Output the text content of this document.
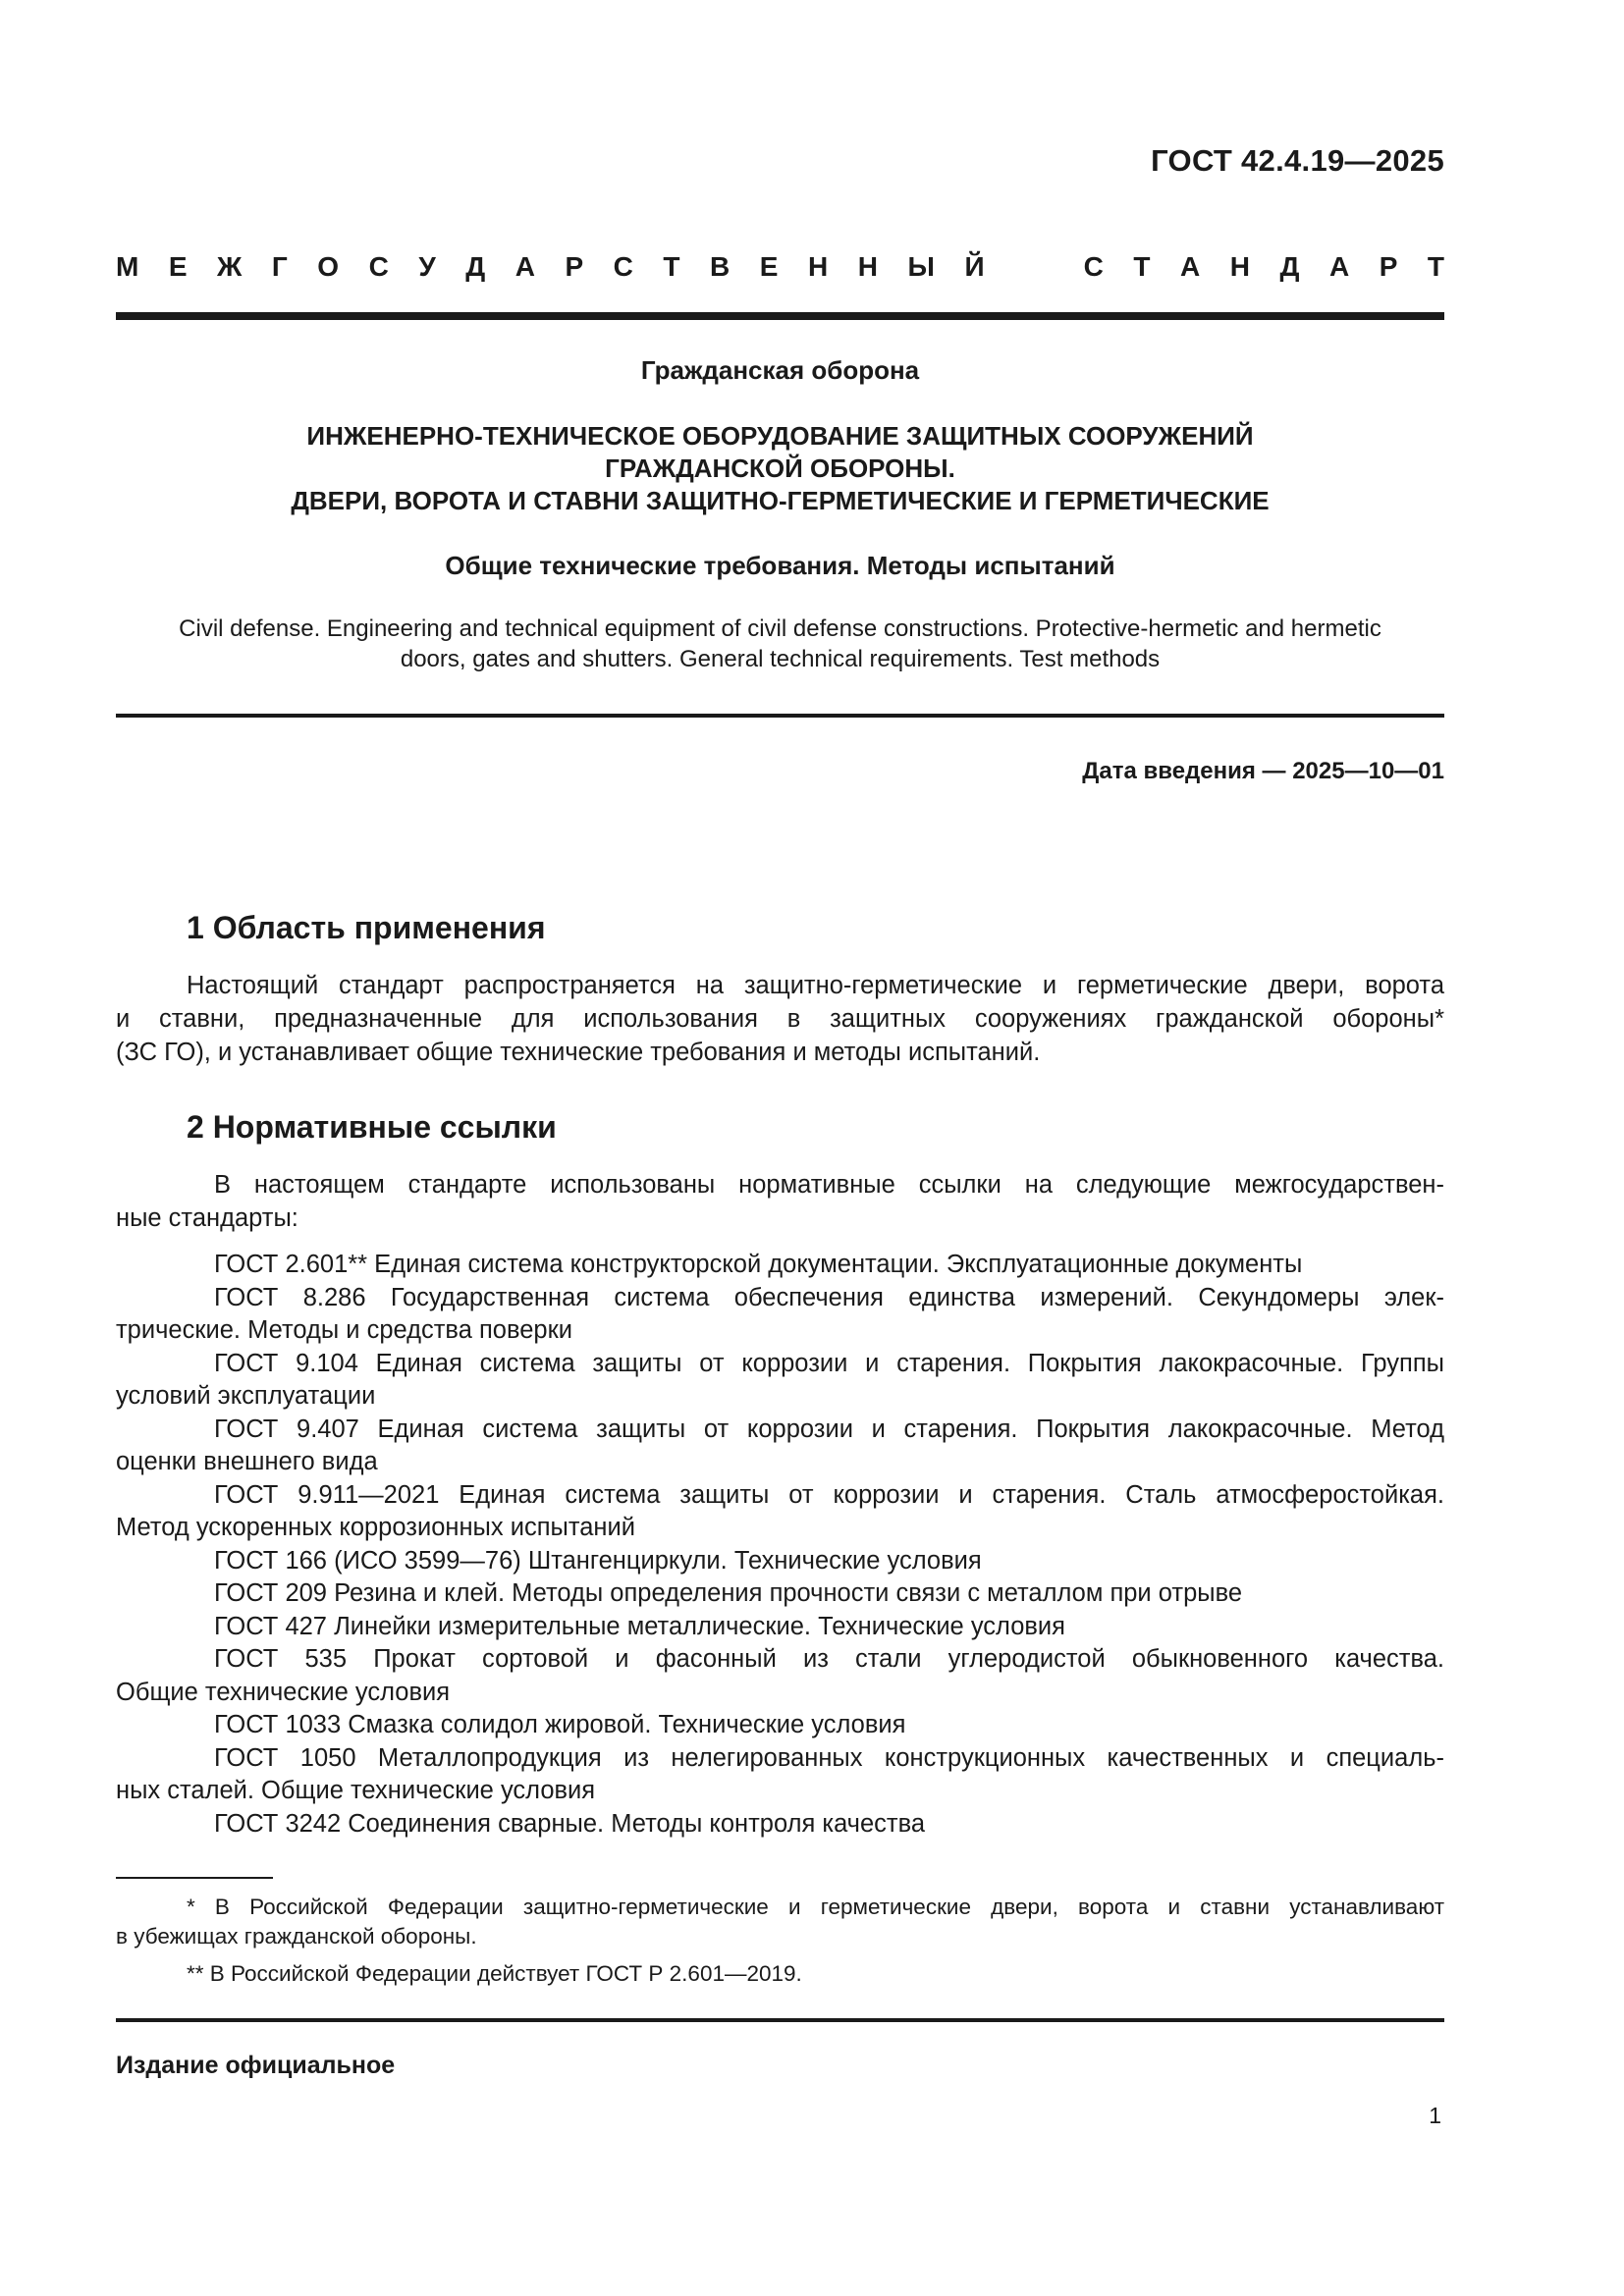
ГОСТ 42.4.19—2025
М Е Ж Г О С У Д А Р С Т В Е Н Н Ы Й	С Т А Н Д А Р Т
Гражданская оборона
ИНЖЕНЕРНО-ТЕХНИЧЕСКОЕ ОБОРУДОВАНИЕ ЗАЩИТНЫХ СООРУЖЕНИЙ
ГРАЖДАНСКОЙ ОБОРОНЫ.
ДВЕРИ, ВОРОТА И СТАВНИ ЗАЩИТНО-ГЕРМЕТИЧЕСКИЕ И ГЕРМЕТИЧЕСКИЕ
Общие технические требования. Методы испытаний
Civil defense. Engineering and technical equipment of civil defense constructions. Protective-hermetic and hermetic
doors, gates and shutters. General technical requirements. Test methods
Дата введения — 2025—10—01
1 Область применения
Настоящий стандарт распространяется на защитно-герметические и герметические двери, ворота
и ставни, предназначенные для использования в защитных сооружениях гражданской обороны*
(ЗС ГО), и устанавливает общие технические требования и методы испытаний.
2 Нормативные ссылки
В настоящем стандарте использованы нормативные ссылки на следующие межгосударствен-
ные стандарты:
ГОСТ 2.601** Единая система конструкторской документации. Эксплуатационные документы
ГОСТ 8.286 Государственная система обеспечения единства измерений. Секундомеры элек-
трические. Методы и средства поверки
ГОСТ 9.104 Единая система защиты от коррозии и старения. Покрытия лакокрасочные. Группы
условий эксплуатации
ГОСТ 9.407 Единая система защиты от коррозии и старения. Покрытия лакокрасочные. Метод
оценки внешнего вида
ГОСТ 9.911—2021 Единая система защиты от коррозии и старения. Сталь атмосферостойкая.
Метод ускоренных коррозионных испытаний
ГОСТ 166 (ИСО 3599—76) Штангенциркули. Технические условия
ГОСТ 209 Резина и клей. Методы определения прочности связи с металлом при отрыве
ГОСТ 427 Линейки измерительные металлические. Технические условия
ГОСТ 535 Прокат сортовой и фасонный из стали углеродистой обыкновенного качества.
Общие технические условия
ГОСТ 1033 Смазка солидол жировой. Технические условия
ГОСТ 1050 Металлопродукция из нелегированных конструкционных качественных и специаль-
ных сталей. Общие технические условия
ГОСТ 3242 Соединения сварные. Методы контроля качества
* В Российской Федерации защитно-герметические и герметические двери, ворота и ставни устанавливают
в убежищах гражданской обороны.
** В Российской Федерации действует ГОСТ Р 2.601—2019.
Издание официальное
1
